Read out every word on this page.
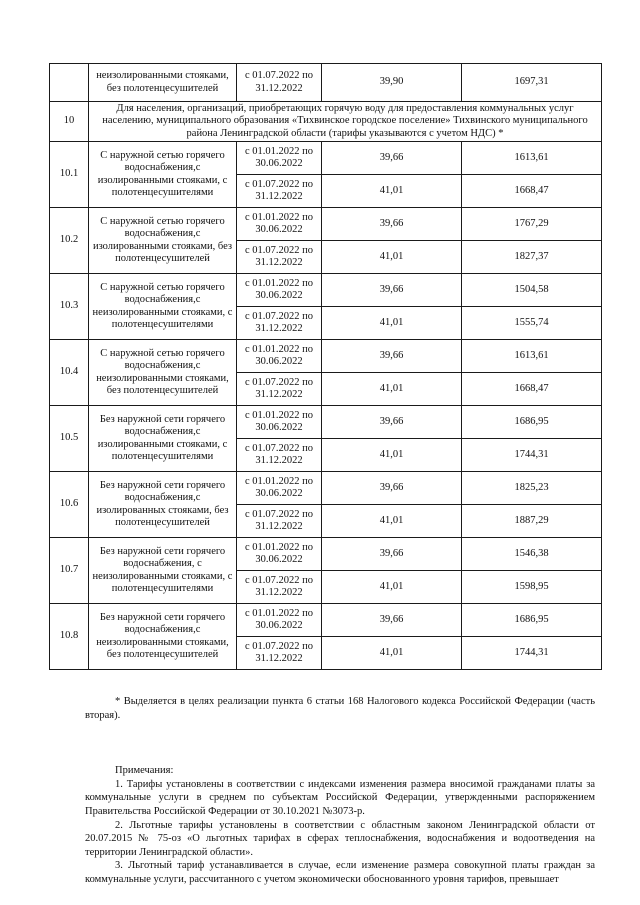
	неизолированными стояками, без полотенцесушителей	с 01.07.2022 по 31.12.2022	39,90	1697,31
10	Для населения, организаций, приобретающих горячую воду для предоставления коммунальных услуг населению, муниципального образования «Тихвинское городское поселение» Тихвинского муниципального района Ленинградской области (тарифы указываются с учетом НДС) *			
10.1	С наружной сетью горячего водоснабжения,с изолированными стояками, с полотенцесушителями	с 01.01.2022 по 30.06.2022	39,66	1613,61
		с 01.07.2022 по 31.12.2022	41,01	1668,47
10.2	С наружной сетью горячего водоснабжения,с изолированными стояками, без полотенцесушителей	с 01.01.2022 по 30.06.2022	39,66	1767,29
		с 01.07.2022 по 31.12.2022	41,01	1827,37
10.3	С наружной сетью горячего водоснабжения,с неизолированными стояками, с полотенцесушителями	с 01.01.2022 по 30.06.2022	39,66	1504,58
		с 01.07.2022 по 31.12.2022	41,01	1555,74
10.4	С наружной сетью горячего водоснабжения,с неизолированными стояками, без полотенцесушителей	с 01.01.2022 по 30.06.2022	39,66	1613,61
		с 01.07.2022 по 31.12.2022	41,01	1668,47
10.5	Без наружной сети горячего водоснабжения,с изолированными стояками, с полотенцесушителями	с 01.01.2022 по 30.06.2022	39,66	1686,95
		с 01.07.2022 по 31.12.2022	41,01	1744,31
10.6	Без наружной сети горячего водоснабжения,с изолированных стояками, без полотенцесушителей	с 01.01.2022 по 30.06.2022	39,66	1825,23
		с 01.07.2022 по 31.12.2022	41,01	1887,29
10.7	Без наружной сети горячего водоснабжения, с неизолированными стояками, с полотенцесушителями	с 01.01.2022 по 30.06.2022	39,66	1546,38
		с 01.07.2022 по 31.12.2022	41,01	1598,95
10.8	Без наружной сети горячего водоснабжения,с неизолированными стояками, без полотенцесушителей	с 01.01.2022 по 30.06.2022	39,66	1686,95
		с 01.07.2022 по 31.12.2022	41,01	1744,31

* Выделяется в целях реализации пункта 6 статьи 168 Налогового кодекса Российской Федерации (часть вторая).

Примечания:

1. Тарифы установлены в соответствии с индексами изменения размера вносимой гражданами платы за коммунальные услуги в среднем по субъектам Российской Федерации, утвержденными распоряжением Правительства Российской Федерации от 30.10.2021 №3073-р.

2. Льготные тарифы установлены в соответствии с областным законом Ленинградской области от 20.07.2015 № 75-оз «О льготных тарифах в сферах теплоснабжения, водоснабжения и водоотведения на территории Ленинградской области».

3. Льготный тариф устанавливается в случае, если изменение размера совокупной платы граждан за коммунальные услуги, рассчитанного с учетом экономически обоснованного уровня тарифов, превышает
